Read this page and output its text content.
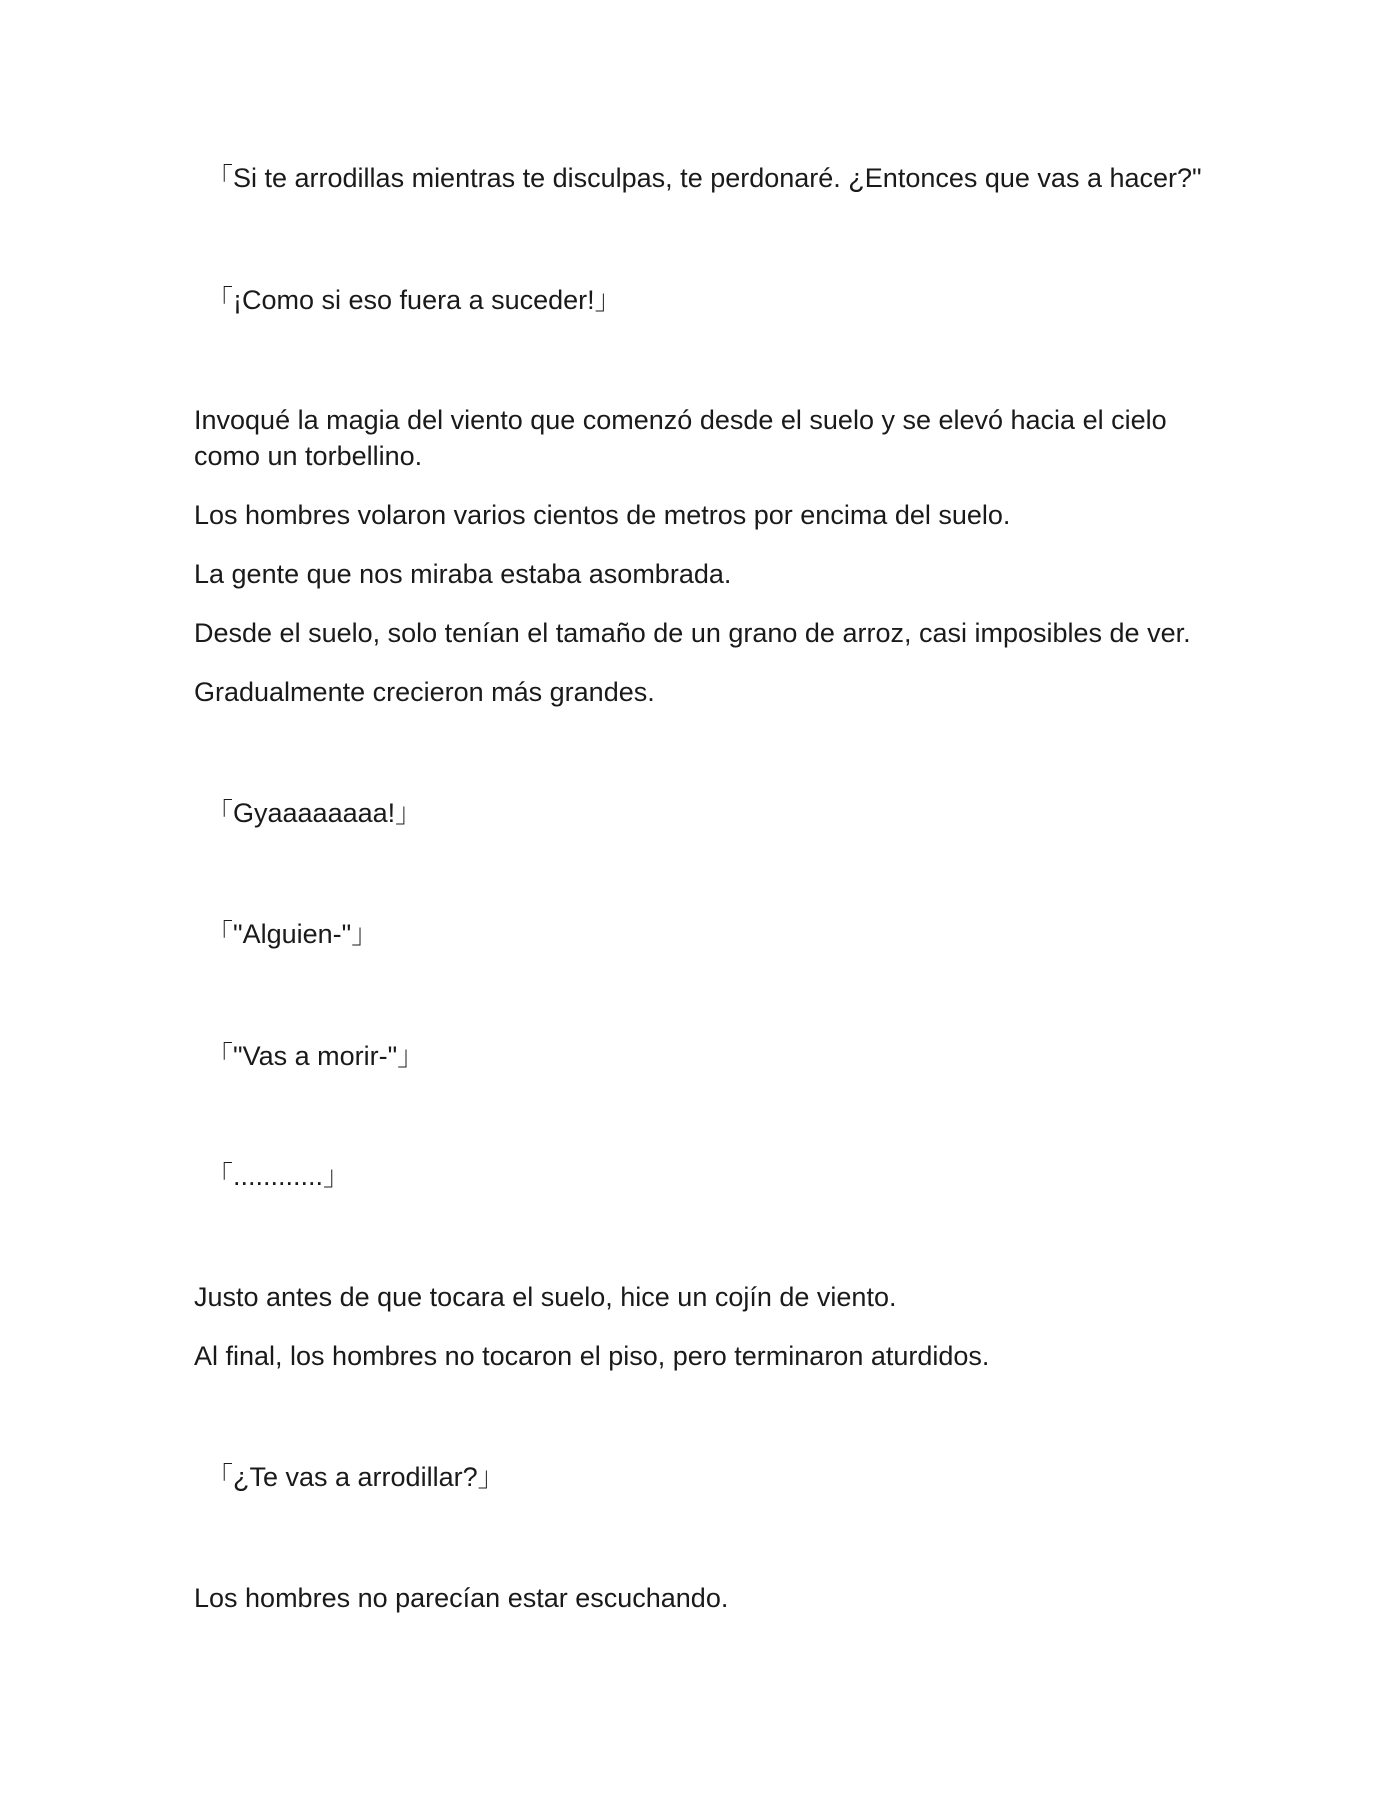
「Si te arrodillas mientras te disculpas, te perdonaré. ¿Entonces que vas a hacer?"

「¡Como si eso fuera a suceder!」

Invoqué la magia del viento que comenzó desde el suelo y se elevó hacia el cielo como un torbellino.

Los hombres volaron varios cientos de metros por encima del suelo.

La gente que nos miraba estaba asombrada.

Desde el suelo, solo tenían el tamaño de un grano de arroz, casi imposibles de ver.

Gradualmente crecieron más grandes.

「Gyaaaaaaaa!」

「"Alguien-"」

「"Vas a morir-"」

「............」

Justo antes de que tocara el suelo, hice un cojín de viento.

Al final, los hombres no tocaron el piso, pero terminaron aturdidos.

「¿Te vas a arrodillar?」

Los hombres no parecían estar escuchando.
